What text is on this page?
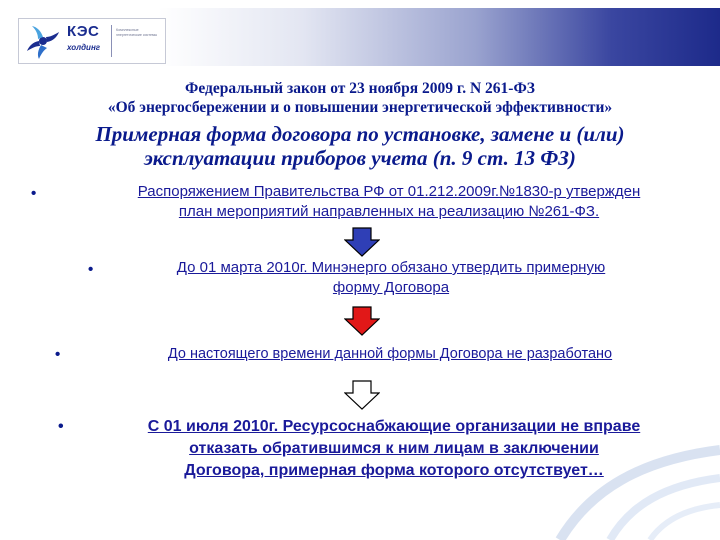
КЭС
холдинг
Комплексные энергетические системы
Федеральный закон от 23 ноября 2009 г. N 261-ФЗ
«Об энергосбережении и о повышении энергетической эффективности»
Примерная форма договора по установке, замене и (или)
эксплуатации приборов учета (п. 9 ст. 13 ФЗ)
•	Распоряжением Правительства РФ от 01.212.2009г.№1830-р утвержден
план мероприятий направленных на реализацию №261-ФЗ.
•	До 01 марта 2010г. Минэнерго обязано утвердить примерную
форму Договора
•	До настоящего времени данной формы Договора не разработано
•	С 01 июля 2010г. Ресурсоснабжающие организации не вправе
отказать обратившимся к ним лицам в заключении
Договора, примерная форма которого отсутствует…
